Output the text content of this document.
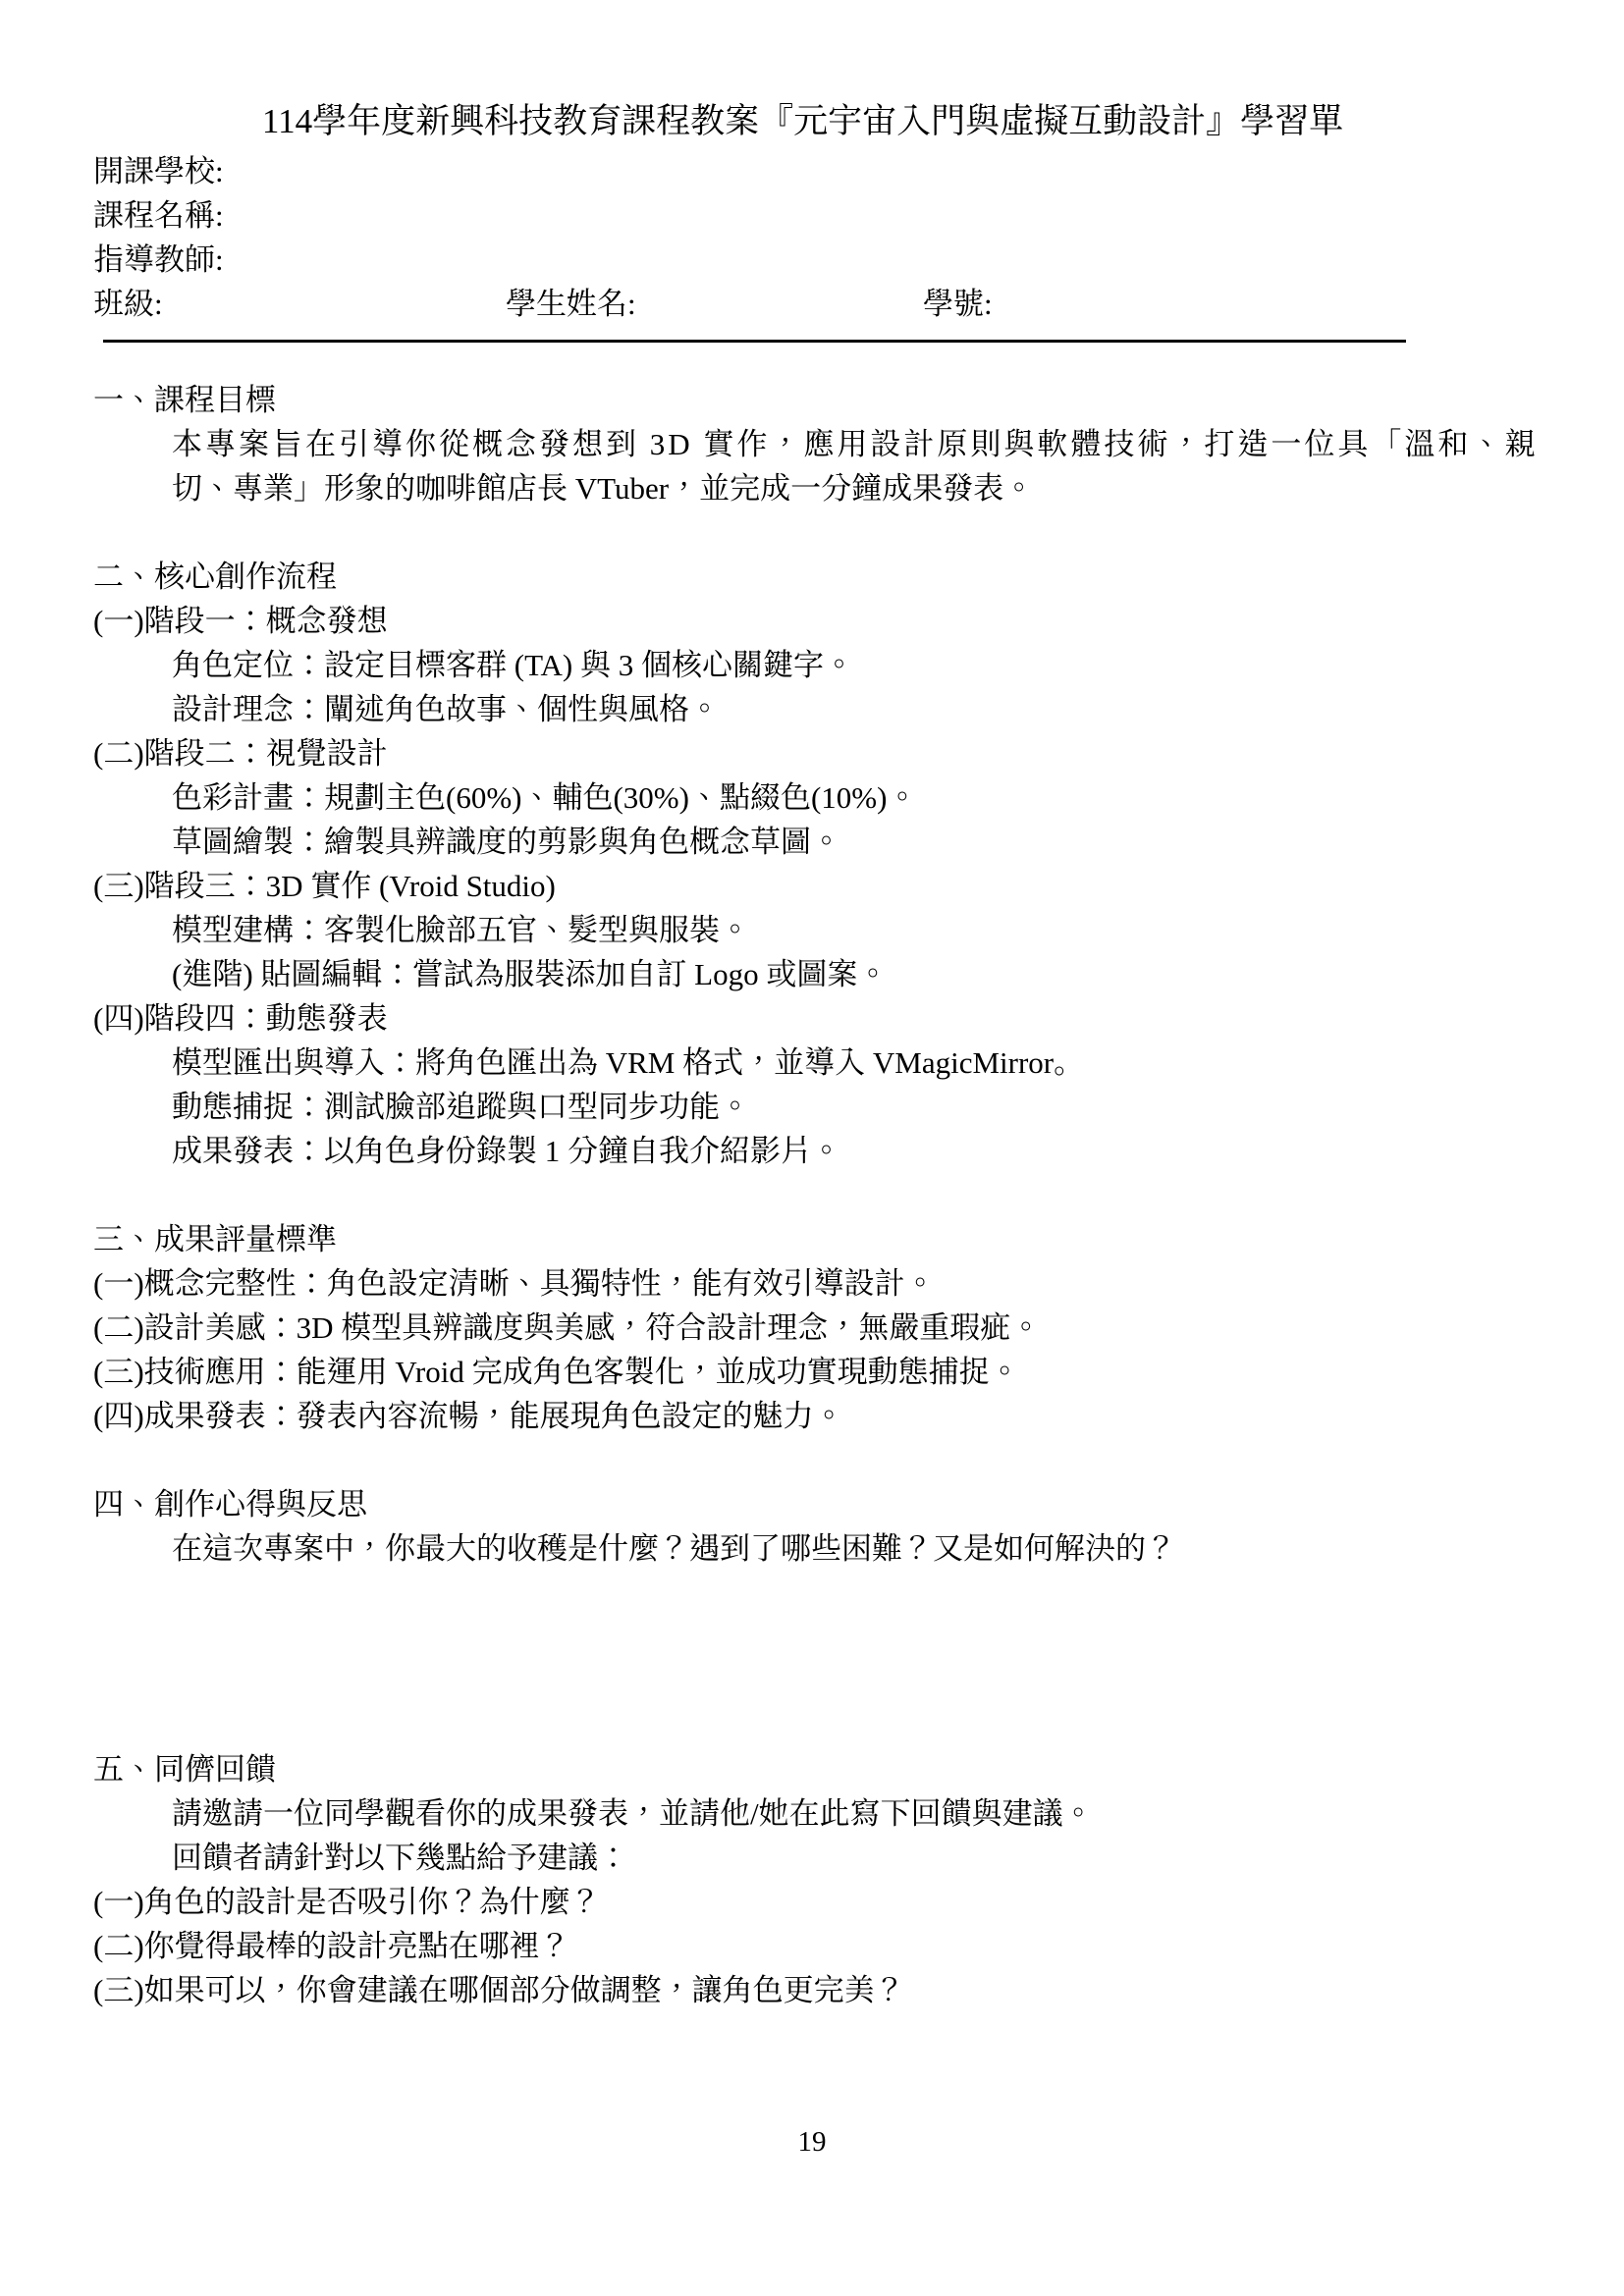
114學年度新興科技教育課程教案『元宇宙入門與虛擬互動設計』學習單
開課學校:
課程名稱:
指導教師:
班級:	學生姓名:	學號:
一、課程目標
本專案旨在引導你從概念發想到 3D 實作，應用設計原則與軟體技術，打造一位具「溫和、親
切、專業」形象的咖啡館店長 VTuber，並完成一分鐘成果發表。
二、核心創作流程
(一)階段一：概念發想
角色定位：設定目標客群 (TA) 與 3 個核心關鍵字。
設計理念：闡述角色故事、個性與風格。
(二)階段二：視覺設計
色彩計畫：規劃主色(60%)、輔色(30%)、點綴色(10%)。
草圖繪製：繪製具辨識度的剪影與角色概念草圖。
(三)階段三：3D 實作 (Vroid Studio)
模型建構：客製化臉部五官、髮型與服裝。
(進階) 貼圖編輯：嘗試為服裝添加自訂 Logo 或圖案。
(四)階段四：動態發表
模型匯出與導入：將角色匯出為 VRM 格式，並導入 VMagicMirror。
動態捕捉：測試臉部追蹤與口型同步功能。
成果發表：以角色身份錄製 1 分鐘自我介紹影片。
三、成果評量標準
(一)概念完整性：角色設定清晰、具獨特性，能有效引導設計。
(二)設計美感：3D 模型具辨識度與美感，符合設計理念，無嚴重瑕疵。
(三)技術應用：能運用 Vroid 完成角色客製化，並成功實現動態捕捉。
(四)成果發表：發表內容流暢，能展現角色設定的魅力。
四、創作心得與反思
在這次專案中，你最大的收穫是什麼？遇到了哪些困難？又是如何解決的？
五、同儕回饋
請邀請一位同學觀看你的成果發表，並請他/她在此寫下回饋與建議。
回饋者請針對以下幾點給予建議：
(一)角色的設計是否吸引你？為什麼？
(二)你覺得最棒的設計亮點在哪裡？
(三)如果可以，你會建議在哪個部分做調整，讓角色更完美？
19
